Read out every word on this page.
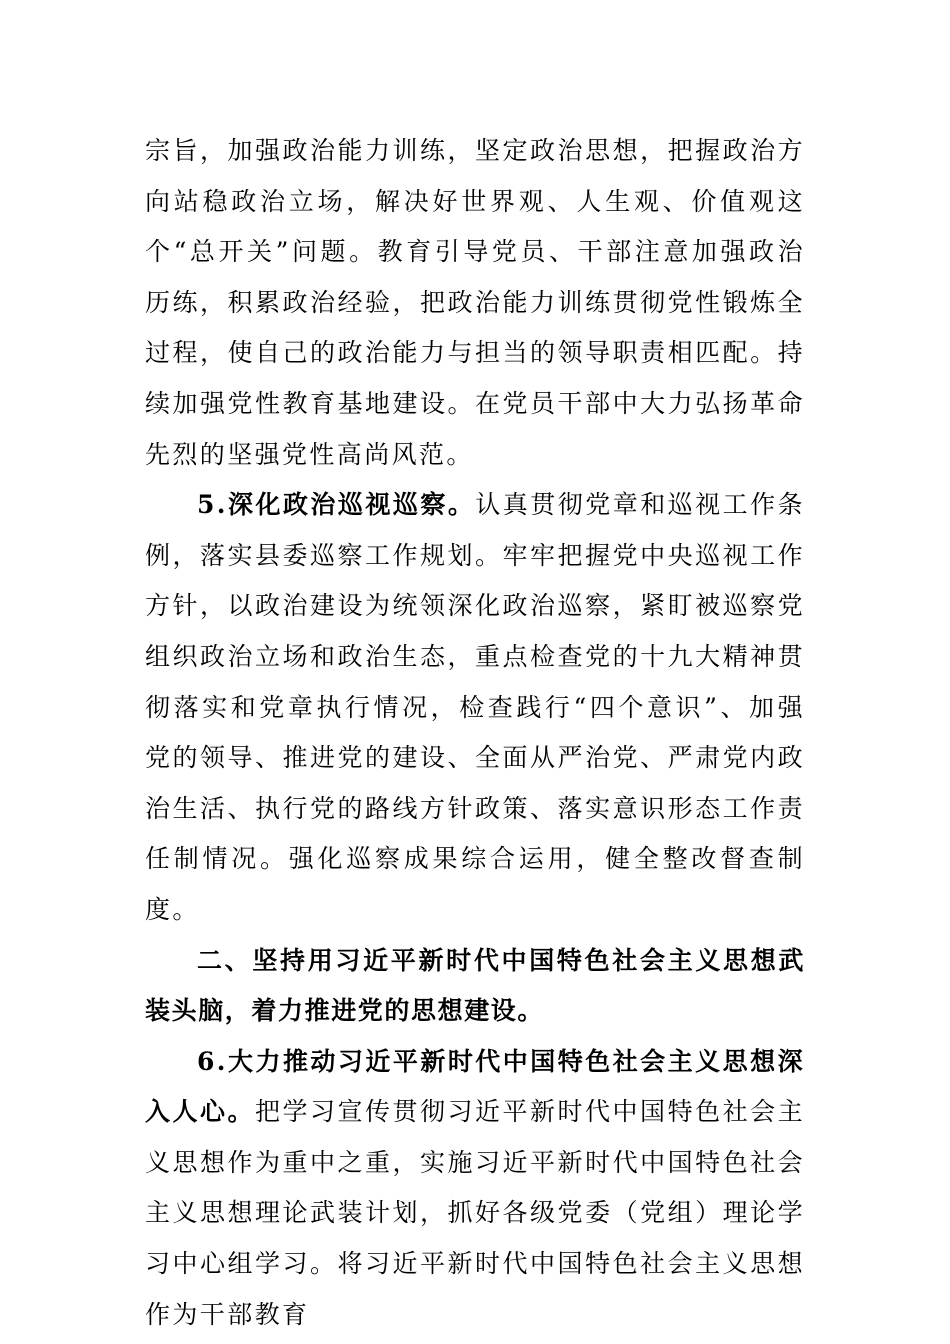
宗旨，加强政治能力训练，坚定政治思想，把握政治方向站稳政治立场，解决好世界观、人生观、价值观这个“总开关”问题。教育引导党员、干部注意加强政治历练，积累政治经验，把政治能力训练贯彻党性锻炼全过程，使自己的政治能力与担当的领导职责相匹配。持续加强党性教育基地建设。在党员干部中大力弘扬革命先烈的坚强党性高尚风范。

5.深化政治巡视巡察。认真贯彻党章和巡视工作条例，落实县委巡察工作规划。牢牢把握党中央巡视工作方针，以政治建设为统领深化政治巡察，紧盯被巡察党组织政治立场和政治生态，重点检查党的十九大精神贯彻落实和党章执行情况，检查践行“四个意识”、加强党的领导、推进党的建设、全面从严治党、严肃党内政治生活、执行党的路线方针政策、落实意识形态工作责任制情况。强化巡察成果综合运用，健全整改督查制度。

二、坚持用习近平新时代中国特色社会主义思想武装头脑，着力推进党的思想建设。

6.大力推动习近平新时代中国特色社会主义思想深入人心。把学习宣传贯彻习近平新时代中国特色社会主义思想作为重中之重，实施习近平新时代中国特色社会主义思想理论武装计划，抓好各级党委（党组）理论学习中心组学习。将习近平新时代中国特色社会主义思想作为干部教育
